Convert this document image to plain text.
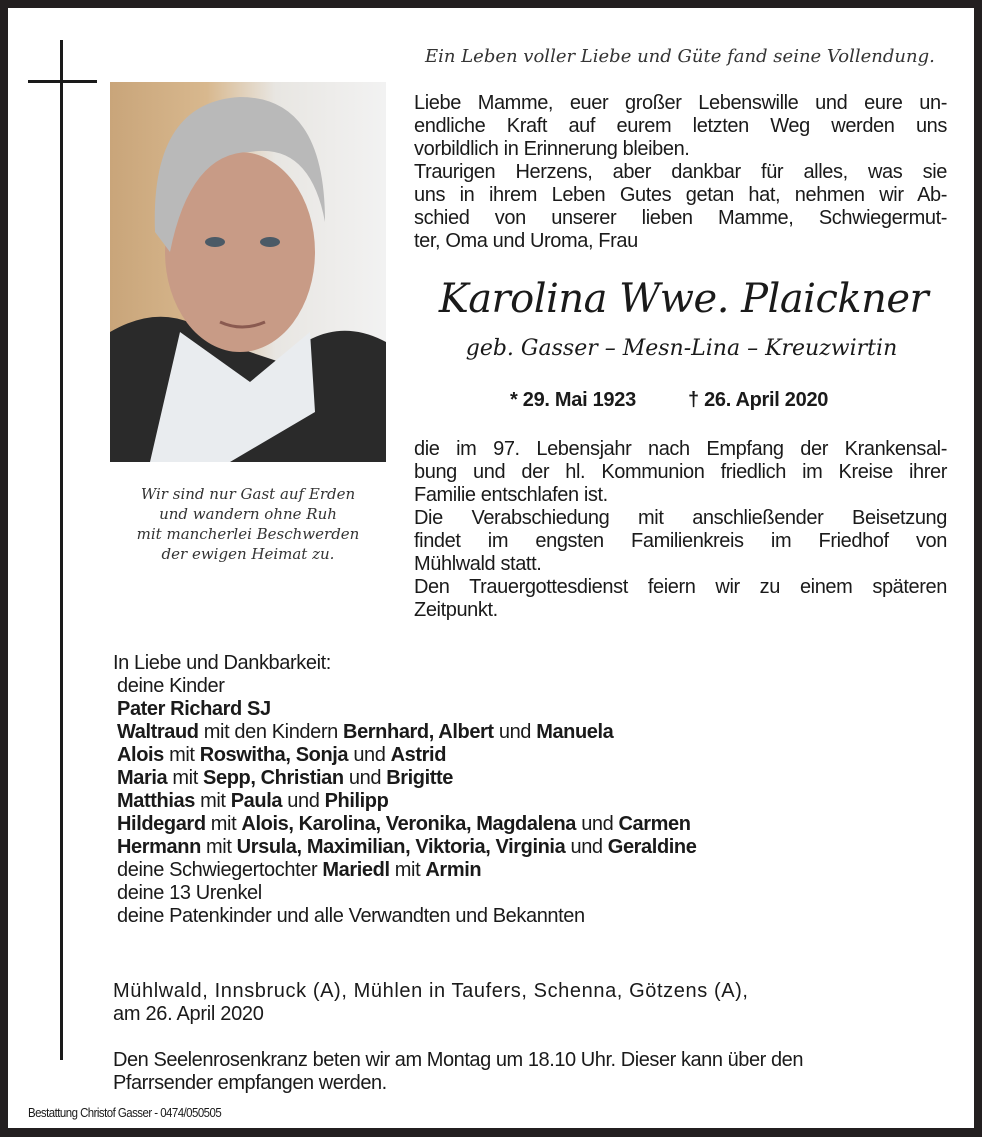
Ein Leben voller Liebe und Güte fand seine Vollendung.
Liebe Mamme, euer großer Lebenswille und eure un-
endliche Kraft auf eurem letzten Weg werden uns
vorbildlich in Erinnerung bleiben.
Traurigen Herzens, aber dankbar für alles, was sie
uns in ihrem Leben Gutes getan hat, nehmen wir Ab-
schied von unserer lieben Mamme, Schwiegermut-
ter, Oma und Uroma, Frau
Karolina Wwe. Plaickner
geb. Gasser – Mesn-Lina – Kreuzwirtin
* 29. Mai 1923	† 26. April 2020
Wir sind nur Gast auf Erden
und wandern ohne Ruh
mit mancherlei Beschwerden
der ewigen Heimat zu.
die im 97. Lebensjahr nach Empfang der Krankensal-
bung und der hl. Kommunion friedlich im Kreise ihrer
Familie entschlafen ist.
Die Verabschiedung mit anschließender Beisetzung
findet im engsten Familienkreis im Friedhof von
Mühlwald statt.
Den Trauergottesdienst feiern wir zu einem späteren
Zeitpunkt.
In Liebe und Dankbarkeit:
deine Kinder
Pater Richard SJ
Waltraud mit den Kindern Bernhard, Albert und Manuela
Alois mit Roswitha, Sonja und Astrid
Maria mit Sepp, Christian und Brigitte
Matthias mit Paula und Philipp
Hildegard mit Alois, Karolina, Veronika, Magdalena und Carmen
Hermann mit Ursula, Maximilian, Viktoria, Virginia und Geraldine
deine Schwiegertochter Mariedl mit Armin
deine 13 Urenkel
deine Patenkinder und alle Verwandten und Bekannten
Mühlwald, Innsbruck (A), Mühlen in Taufers, Schenna, Götzens (A),
am 26. April 2020
Den Seelenrosenkranz beten wir am Montag um 18.10 Uhr. Dieser kann über den
Pfarrsender empfangen werden.
Bestattung Christof Gasser - 0474/050505
